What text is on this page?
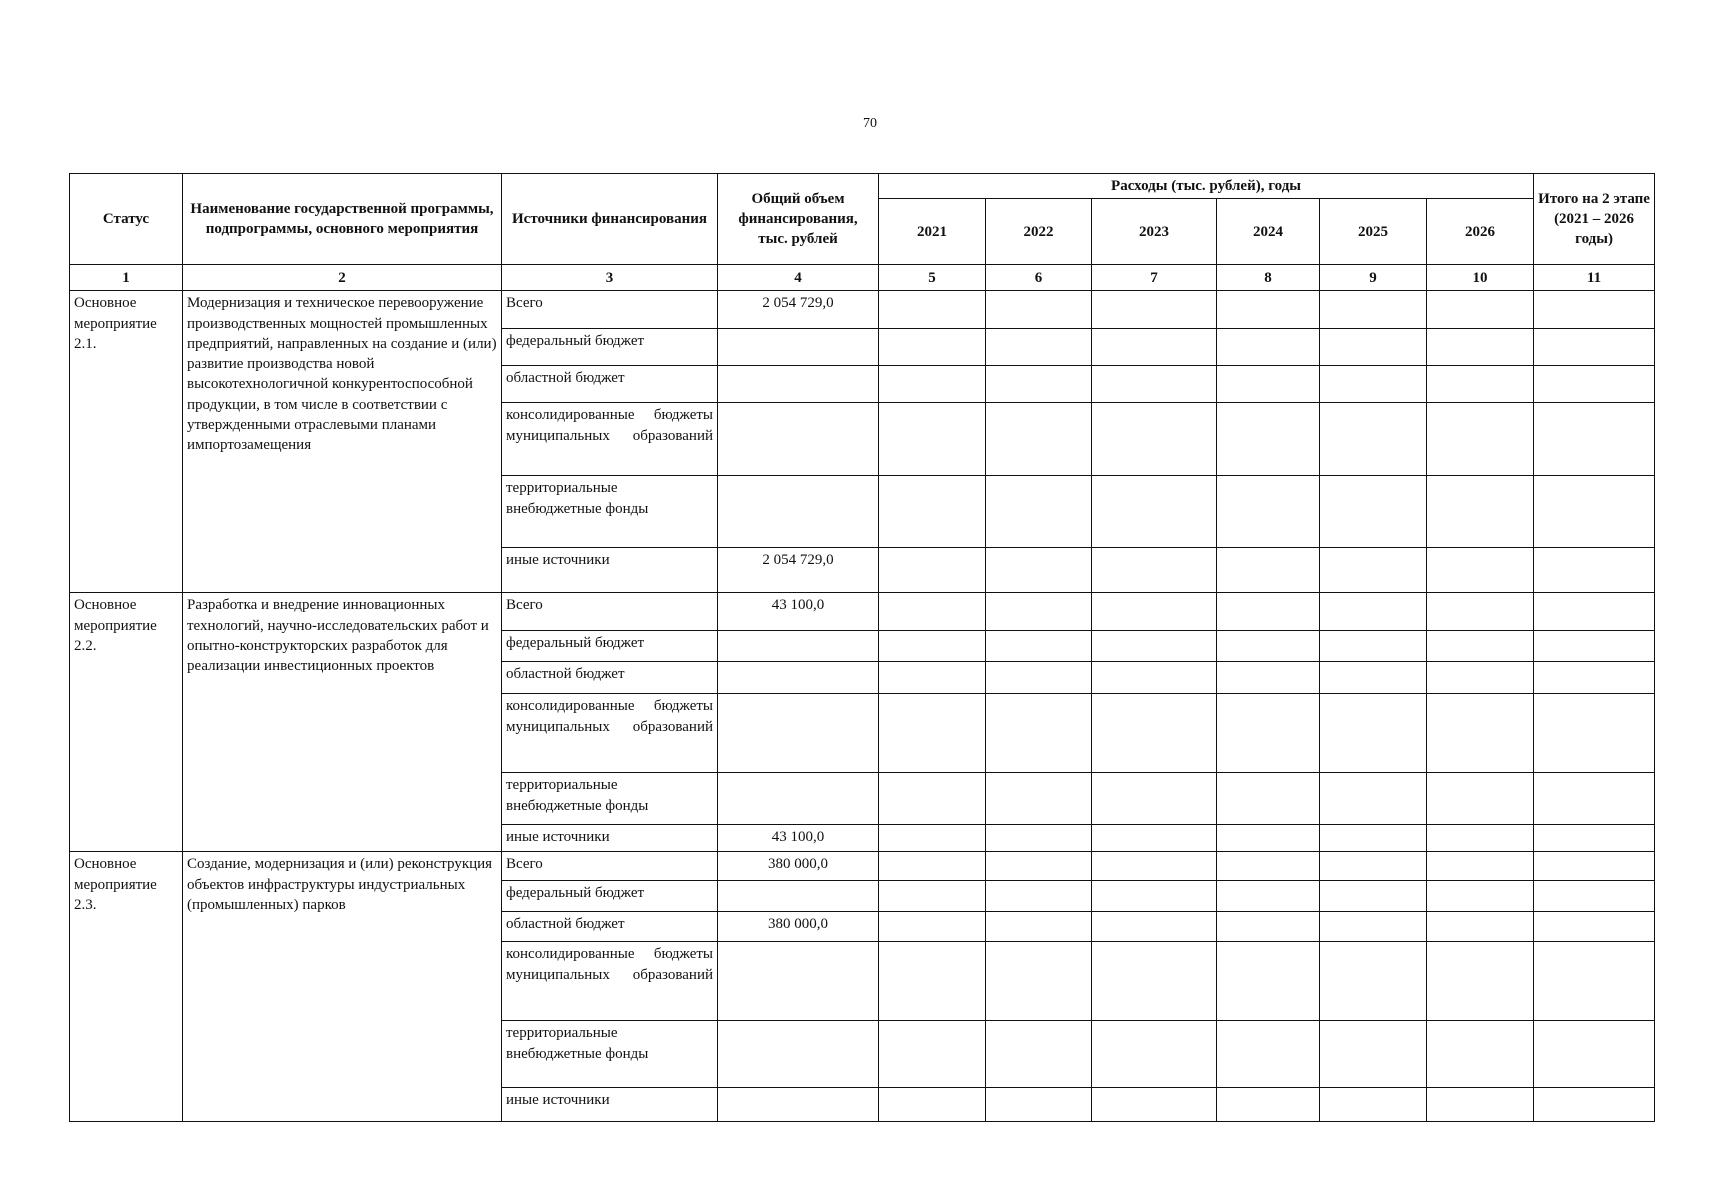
70
Статус	Наименование государственной программы, подпрограммы, основного мероприятия	Источники финансирования	Общий объем финансирования, тыс. рублей	Расходы (тыс. рублей), годы						Итого на 2 этапе (2021 – 2026 годы)
				2021	2022	2023	2024	2025	2026	
1	2	3	4	5	6	7	8	9	10	11
Основное мероприятие 2.1.	Модернизация и техническое перевооружение производственных мощностей промышленных предприятий, направленных на создание и (или) развитие производства новой высокотехнологичной конкурентоспособной продукции, в том числе в соответствии с утвержденными отраслевыми планами импортозамещения	Всего	2 054 729,0							
		федеральный бюджет								
		областной бюджет								
		консолидированные бюджеты муниципальных образований								
		территориальные внебюджетные фонды								
		иные источники	2 054 729,0							
Основное мероприятие 2.2.	Разработка и внедрение инновационных технологий, научно-исследовательских работ и опытно-конструкторских разработок для реализации инвестиционных проектов	Всего	43 100,0							
		федеральный бюджет								
		областной бюджет								
		консолидированные бюджеты муниципальных образований								
		территориальные внебюджетные фонды								
		иные источники	43 100,0							
Основное мероприятие 2.3.	Создание, модернизация и (или) реконструкция объектов инфраструктуры индустриальных (промышленных) парков	Всего	380 000,0							
		федеральный бюджет								
		областной бюджет	380 000,0							
		консолидированные бюджеты муниципальных образований								
		территориальные внебюджетные фонды								
		иные источники								
